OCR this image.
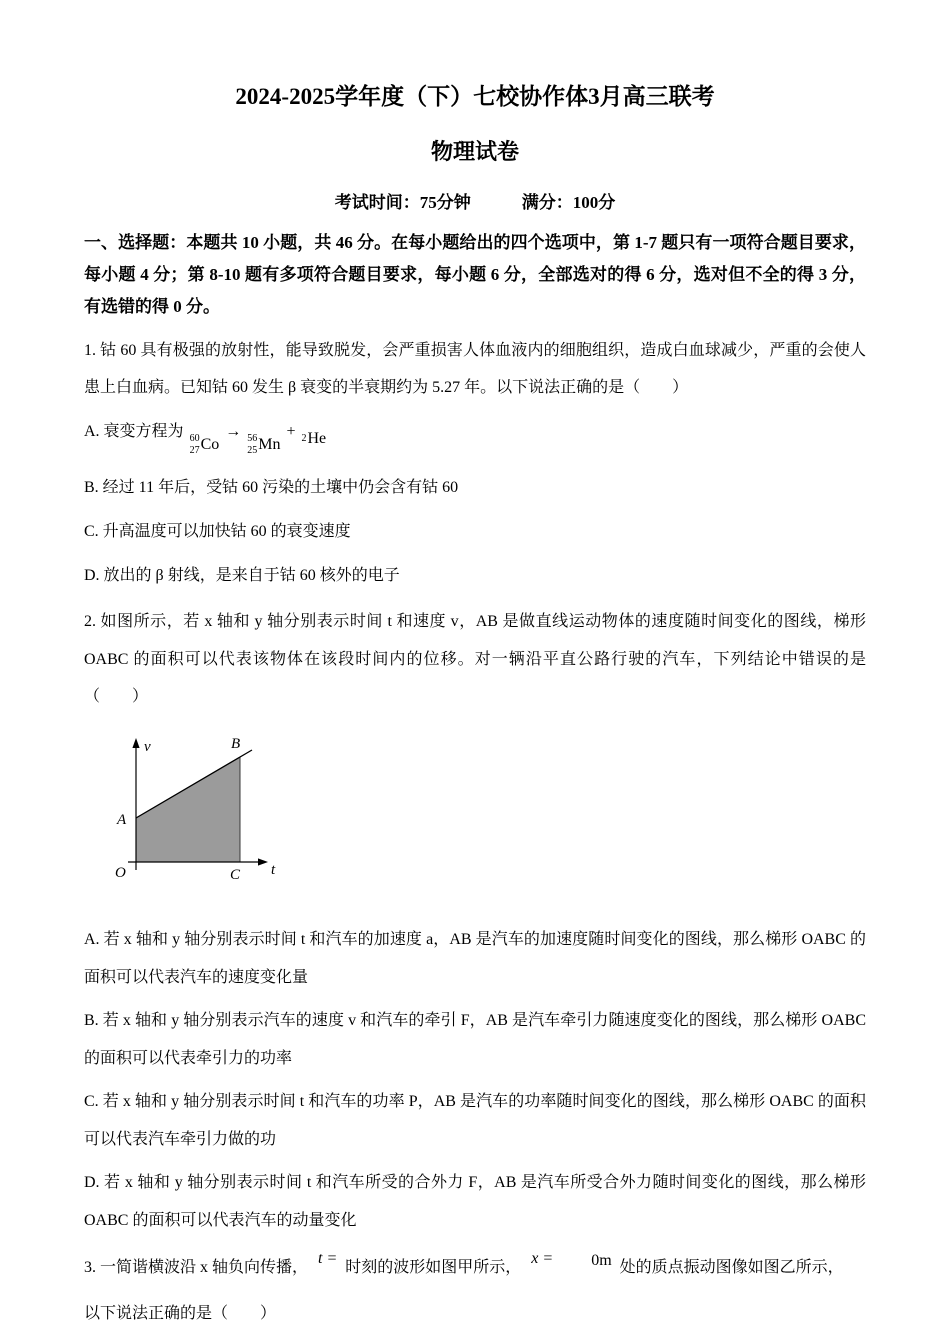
2024-2025学年度（下）七校协作体3月高三联考
物理试卷
考试时间：75分钟　　　满分：100分

一、选择题：本题共 10 小题，共 46 分。在每小题给出的四个选项中，第 1-7 题只有一项符合题目要求，每小题 4 分；第 8-10 题有多项符合题目要求，每小题 6 分，全部选对的得 6 分，选对但不全的得 3 分，有选错的得 0 分。

1. 钴 60 具有极强的放射性，能导致脱发，会严重损害人体血液内的细胞组织，造成白血球减少，严重的会使人患上白血病。已知钴 60 发生 β 衰变的半衰期约为 5.27 年。以下说法正确的是（　　）

A. 衰变方程为 60
27 Co
→ 56
25 Mn
+ 2 He

B. 经过 11 年后，受钴 60 污染的土壤中仍会含有钴 60

C. 升高温度可以加快钴 60 的衰变速度

D. 放出的 β 射线，是来自于钴 60 核外的电子

2. 如图所示，若 x 轴和 y 轴分别表示时间 t 和速度 v，AB 是做直线运动物体的速度随时间变化的图线，梯形 OABC 的面积可以代表该物体在该段时间内的位移。对一辆沿平直公路行驶的汽车，下列结论中错误的是（　　）

v
t
O
A
B
C

A. 若 x 轴和 y 轴分别表示时间 t 和汽车的加速度 a，AB 是汽车的加速度随时间变化的图线，那么梯形 OABC 的面积可以代表汽车的速度变化量

B. 若 x 轴和 y 轴分别表示汽车的速度 v 和汽车的牵引 F，AB 是汽车牵引力随速度变化的图线，那么梯形 OABC 的面积可以代表牵引力的功率

C. 若 x 轴和 y 轴分别表示时间 t 和汽车的功率 P，AB 是汽车的功率随时间变化的图线，那么梯形 OABC 的面积可以代表汽车牵引力做的功

D. 若 x 轴和 y 轴分别表示时间 t 和汽车所受的合外力 F，AB 是汽车所受合外力随时间变化的图线，那么梯形 OABC 的面积可以代表汽车的动量变化

3. 一简谐横波沿 x 轴负向传播，t =时刻的波形如图甲所示，x = 0m 处的质点振动图像如图乙所示，

以下说法正确的是（　　）
